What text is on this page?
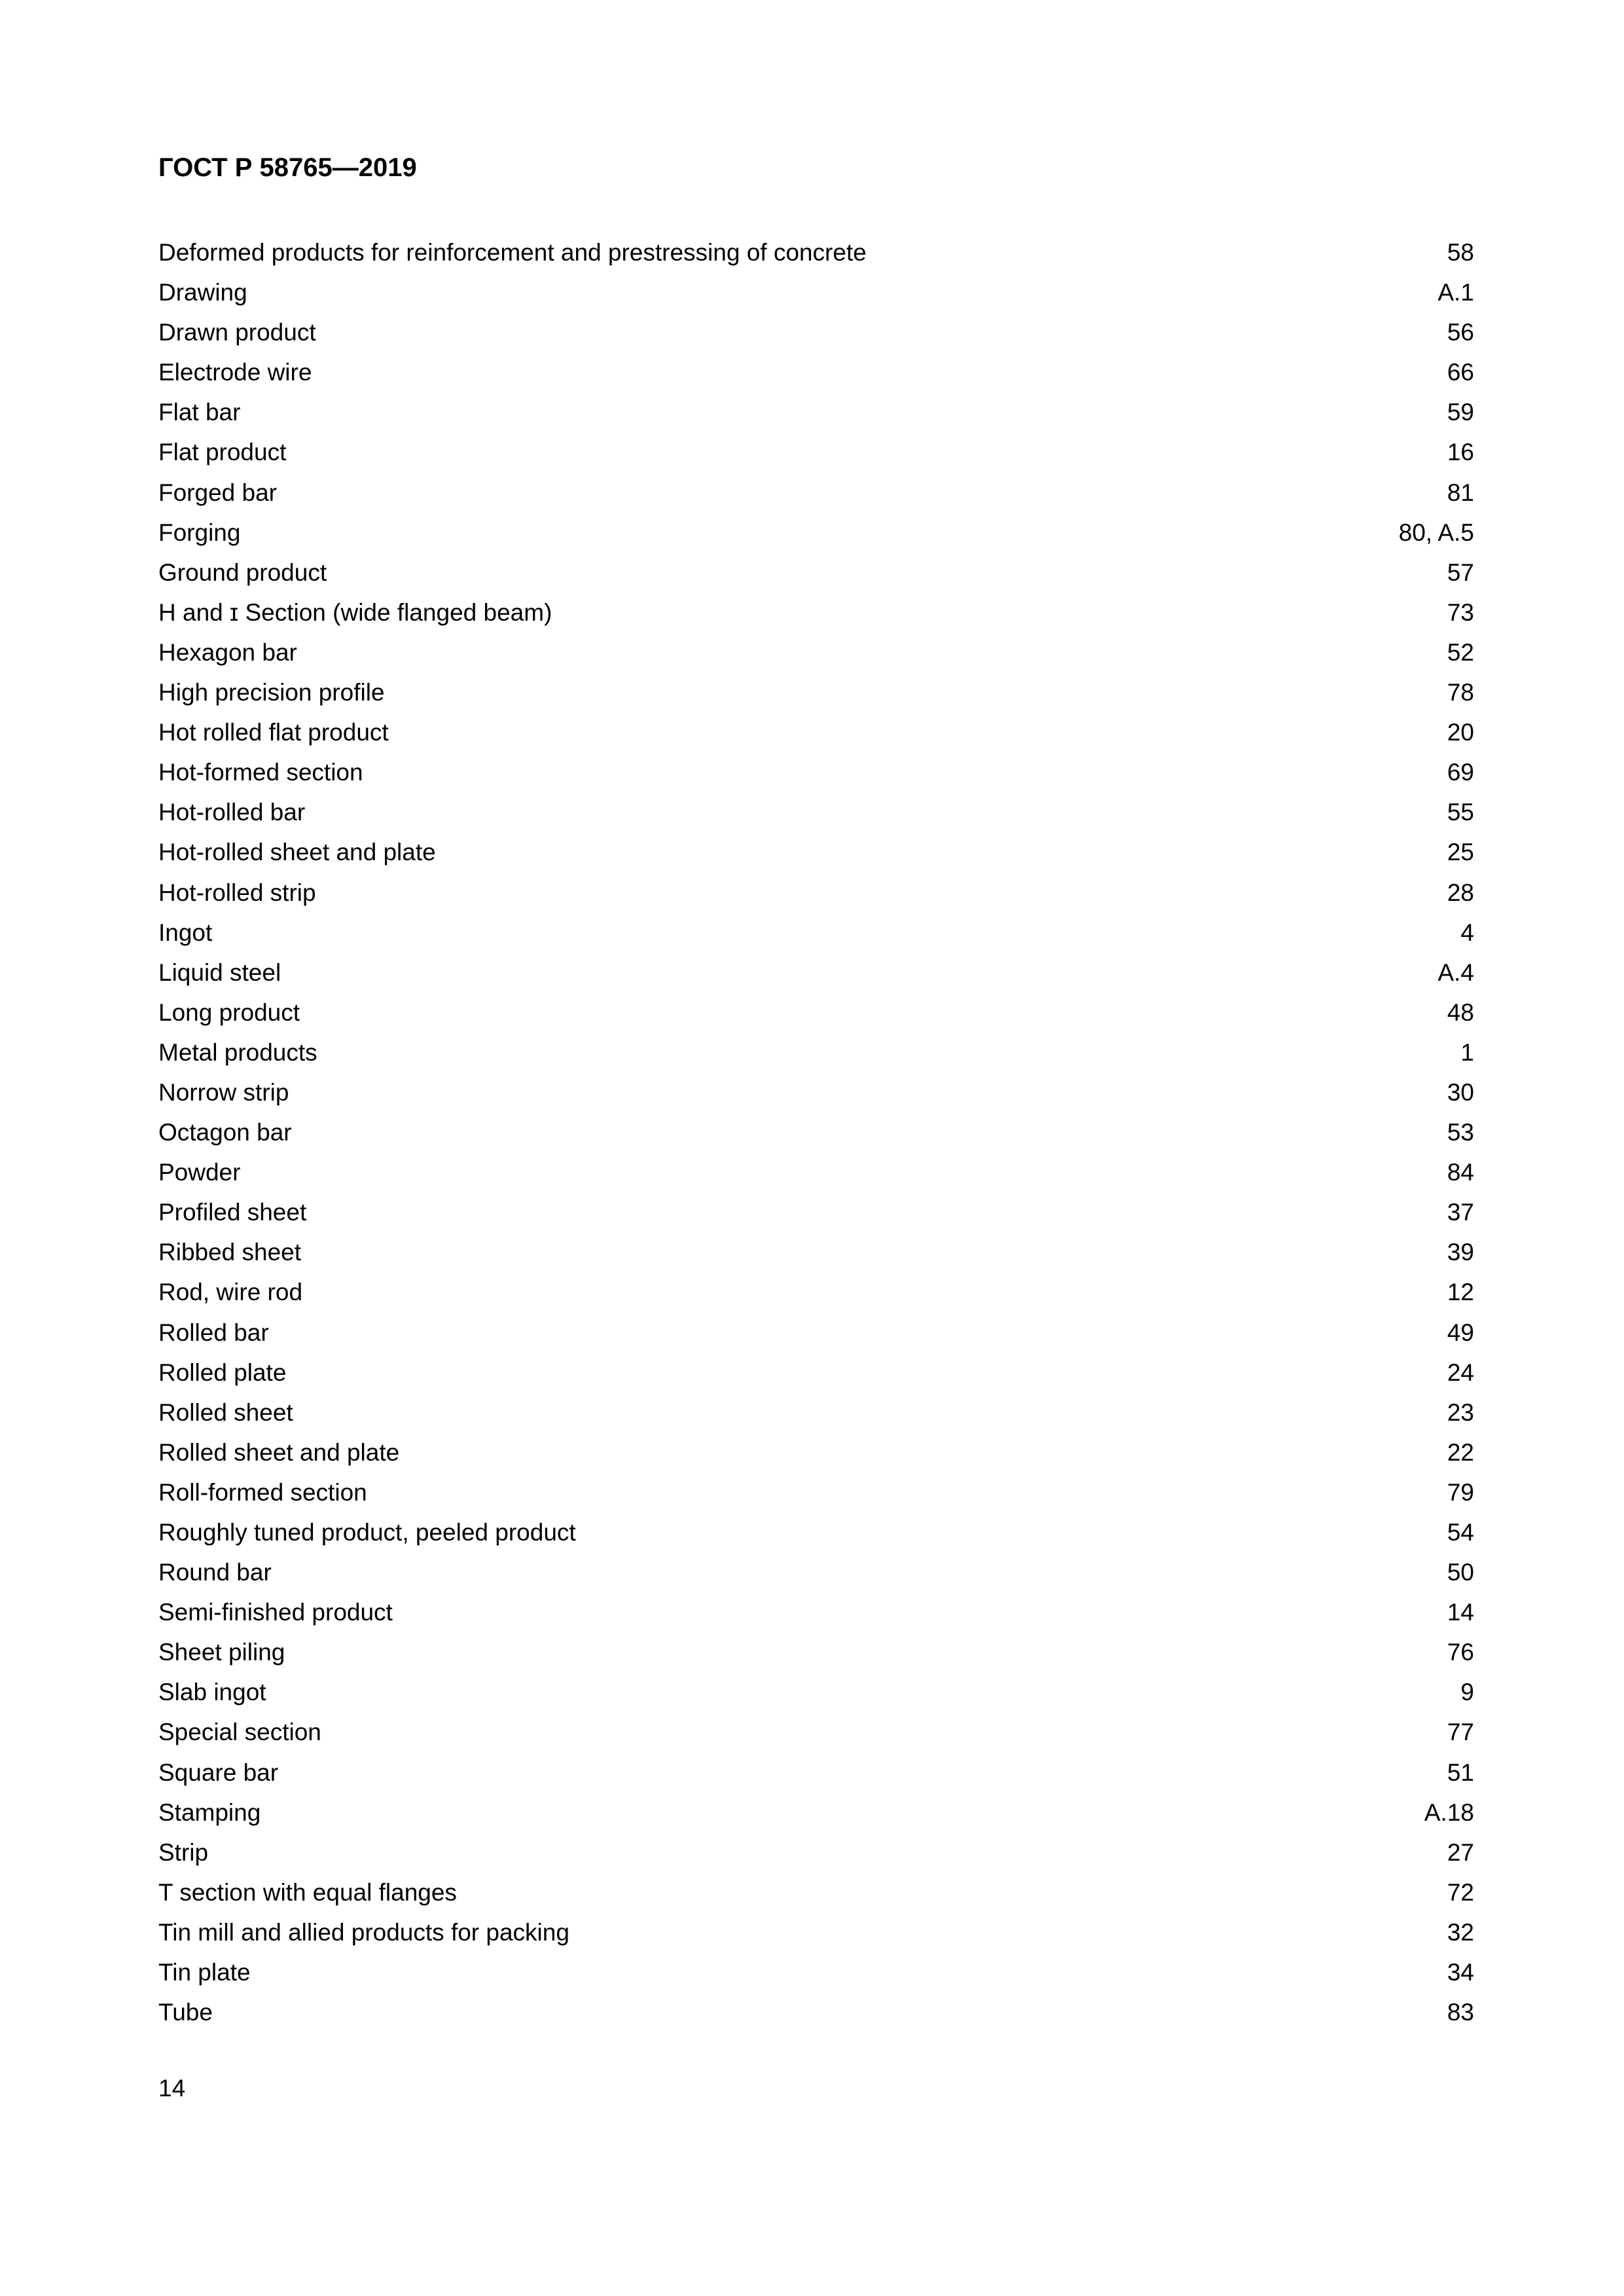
ГОСТ Р 58765—2019
Deformed products for reinforcement and prestressing of concrete	58
Drawing	A.1
Drawn product	56
Electrode wire	66
Flat bar	59
Flat product	16
Forged bar	81
Forging	80, A.5
Ground product	57
H and ɪ Section (wide flanged beam)	73
Hexagon bar	52
High precision profile	78
Hot rolled flat product	20
Hot-formed section	69
Hot-rolled bar	55
Hot-rolled sheet and plate	25
Hot-rolled strip	28
Ingot	4
Liquid steel	A.4
Long product	48
Metal products	1
Norrow strip	30
Octagon bar	53
Powder	84
Profiled sheet	37
Ribbed sheet	39
Rod, wire rod	12
Rolled bar	49
Rolled plate	24
Rolled sheet	23
Rolled sheet and plate	22
Roll-formed section	79
Roughly tuned product, peeled product	54
Round bar	50
Semi-finished product	14
Sheet piling	76
Slab ingot	9
Special section	77
Square bar	51
Stamping	A.18
Strip	27
T section with equal flanges	72
Tin mill and allied products for packing	32
Tin plate	34
Tube	83
14
